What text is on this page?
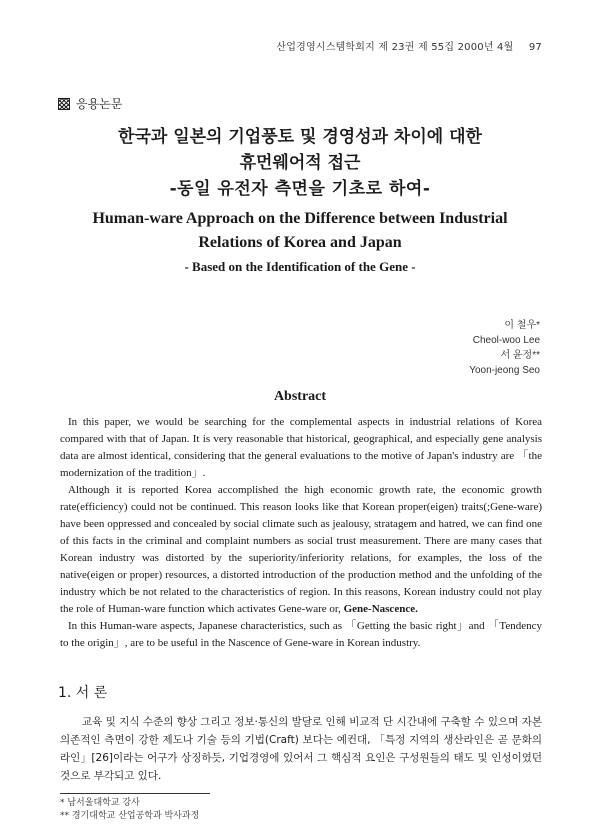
산업경영시스템학회지 제 23권 제 55집 2000년 4월 97
응용논문
한국과 일본의 기업풍토 및 경영성과 차이에 대한
휴먼웨어적 접근
-동일 유전자 측면을 기초로 하여-
Human-ware Approach on the Difference between Industrial
Relations of Korea and Japan
- Based on the Identification of the Gene -
이 철우*
Cheol-woo Lee
서 윤정**
Yoon-jeong Seo
Abstract

In this paper, we would be searching for the complemental aspects in industrial relations of Korea compared with that of Japan. It is very reasonable that historical, geographical, and especially gene analysis data are almost identical, considering that the general evaluations to the motive of Japan's industry are 「the modernization of the tradition」.

Although it is reported Korea accomplished the high economic growth rate, the economic growth rate(efficiency) could not be continued. This reason looks like that Korean proper(eigen) traits(;Gene-ware) have been oppressed and concealed by social climate such as jealousy, stratagem and hatred, we can find one of this facts in the criminal and complaint numbers as social trust measurement. There are many cases that Korean industry was distorted by the superiority/inferiority relations, for examples, the loss of the native(eigen or proper) resources, a distorted introduction of the production method and the unfolding of the industry which be not related to the characteristics of region. In this reasons, Korean industry could not play the role of Human-ware function which activates Gene-ware or, Gene-Nascence.

In this Human-ware aspects, Japanese characteristics, such as 「Getting the basic right」and 「Tendency to the origin」, are to be useful in the Nascence of Gene-ware in Korean industry.

1. 서 론

교육 및 지식 수준의 향상 그리고 정보·통신의 발달로 인해 비교적 단 시간내에 구축할 수 있으며 자본의존적인 측면이 강한 제도나 기술 등의 기법(Craft) 보다는 예컨대, 「특정 지역의 생산라인은 곧 문화의 라인」[26]이라는 어구가 상징하듯, 기업경영에 있어서 그 핵심적 요인은 구성원들의 태도 및 인성이였던 것으로 부각되고 있다.

* 남서울대학교 강사
** 경기대학교 산업공학과 박사과정
